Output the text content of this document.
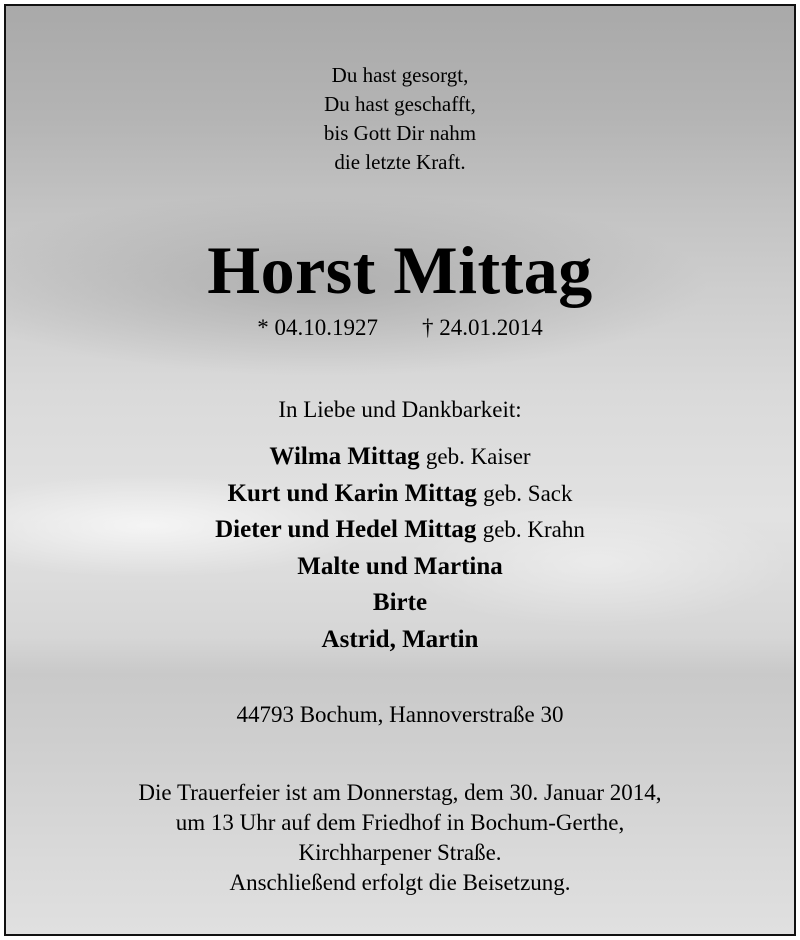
Du hast gesorgt,
Du hast geschafft,
bis Gott Dir nahm
die letzte Kraft.
Horst Mittag
* 04.10.1927 † 24.01.2014
In Liebe und Dankbarkeit:
Wilma Mittag geb. Kaiser
Kurt und Karin Mittag geb. Sack
Dieter und Hedel Mittag geb. Krahn
Malte und Martina
Birte
Astrid, Martin
44793 Bochum, Hannoverstraße 30
Die Trauerfeier ist am Donnerstag, dem 30. Januar 2014,
um 13 Uhr auf dem Friedhof in Bochum-Gerthe,
Kirchharpener Straße.
Anschließend erfolgt die Beisetzung.
